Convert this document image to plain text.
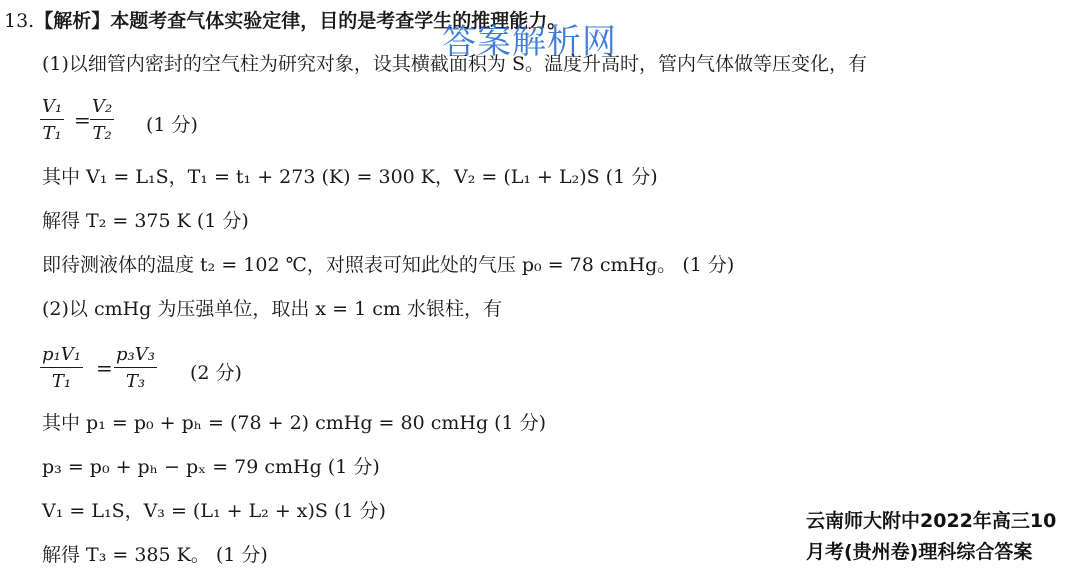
13.【解析】本题考查气体实验定律，目的是考查学生的推理能力。
答案解析网
(1)以细管内密封的空气柱为研究对象，设其横截面积为 S。温度升高时，管内气体做等压变化，有
$\frac{\text{V₁}}{\text{T₁}} = \frac{\text{V₂}}{\text{T₂}} (1$ 分)
其中 V₁ = L₁S，T₁ = t₁ + 273 (K) = 300 K，V₂ = (L₁ + L₂)S (1 分)
解得 T₂ = 375 K (1 分)
即待测液体的温度 t₂ = 102 ℃，对照表可知此处的气压 p₀ = 78 cmHg。 (1 分)
(2)以 cmHg 为压强单位，取出 x = 1 cm 水银柱，有
$\frac{\text{p₁V₁}}{\text{T₁}} = \frac{\text{p₃V₃}}{\text{T₃}} (2$ 分)
其中 p₁ = p₀ + pₕ = (78 + 2) cmHg = 80 cmHg (1 分)
p₃ = p₀ + pₕ − pₓ = 79 cmHg (1 分)
V₁ = L₁S，V₃ = (L₁ + L₂ + x)S (1 分)
解得 T₃ = 385 K。 (1 分)
云南师大附中2022年高三10
月考(贵州卷)理科综合答案
